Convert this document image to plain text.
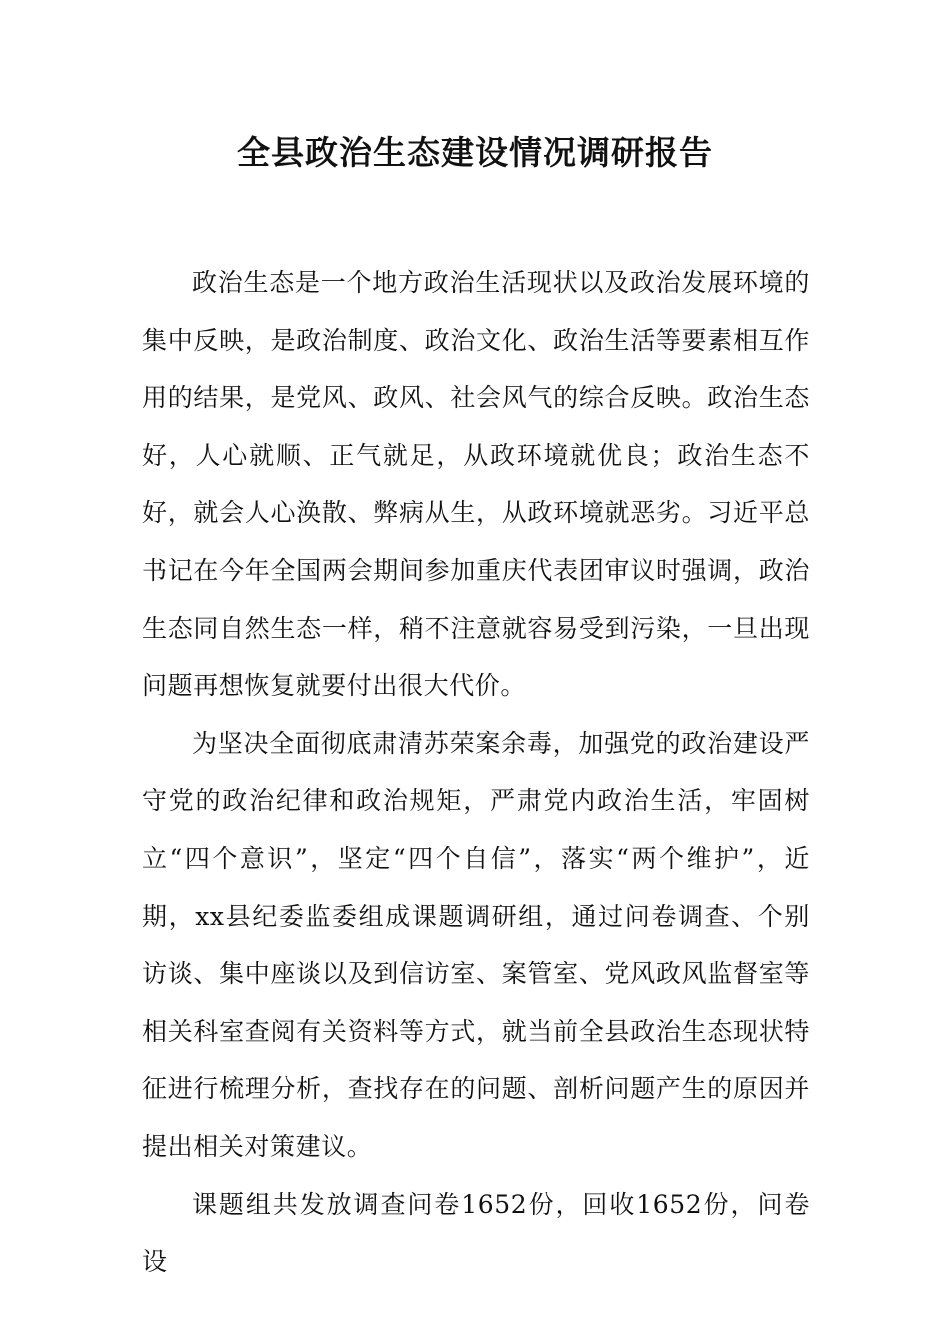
全县政治生态建设情况调研报告

政治生态是一个地方政治生活现状以及政治发展环境的集中反映，是政治制度、政治文化、政治生活等要素相互作用的结果，是党风、政风、社会风气的综合反映。政治生态好，人心就顺、正气就足，从政环境就优良；政治生态不好，就会人心涣散、弊病从生，从政环境就恶劣。习近平总书记在今年全国两会期间参加重庆代表团审议时强调，政治生态同自然生态一样，稍不注意就容易受到污染，一旦出现问题再想恢复就要付出很大代价。

为坚决全面彻底肃清苏荣案余毒，加强党的政治建设严守党的政治纪律和政治规矩，严肃党内政治生活，牢固树立“四个意识”，坚定“四个自信”，落实“两个维护”，近期，xx县纪委监委组成课题调研组，通过问卷调查、个别访谈、集中座谈以及到信访室、案管室、党风政风监督室等相关科室查阅有关资料等方式，就当前全县政治生态现状特征进行梳理分析，查找存在的问题、剖析问题产生的原因并提出相关对策建议。

课题组共发放调查问卷1652份，回收1652份，问卷设
